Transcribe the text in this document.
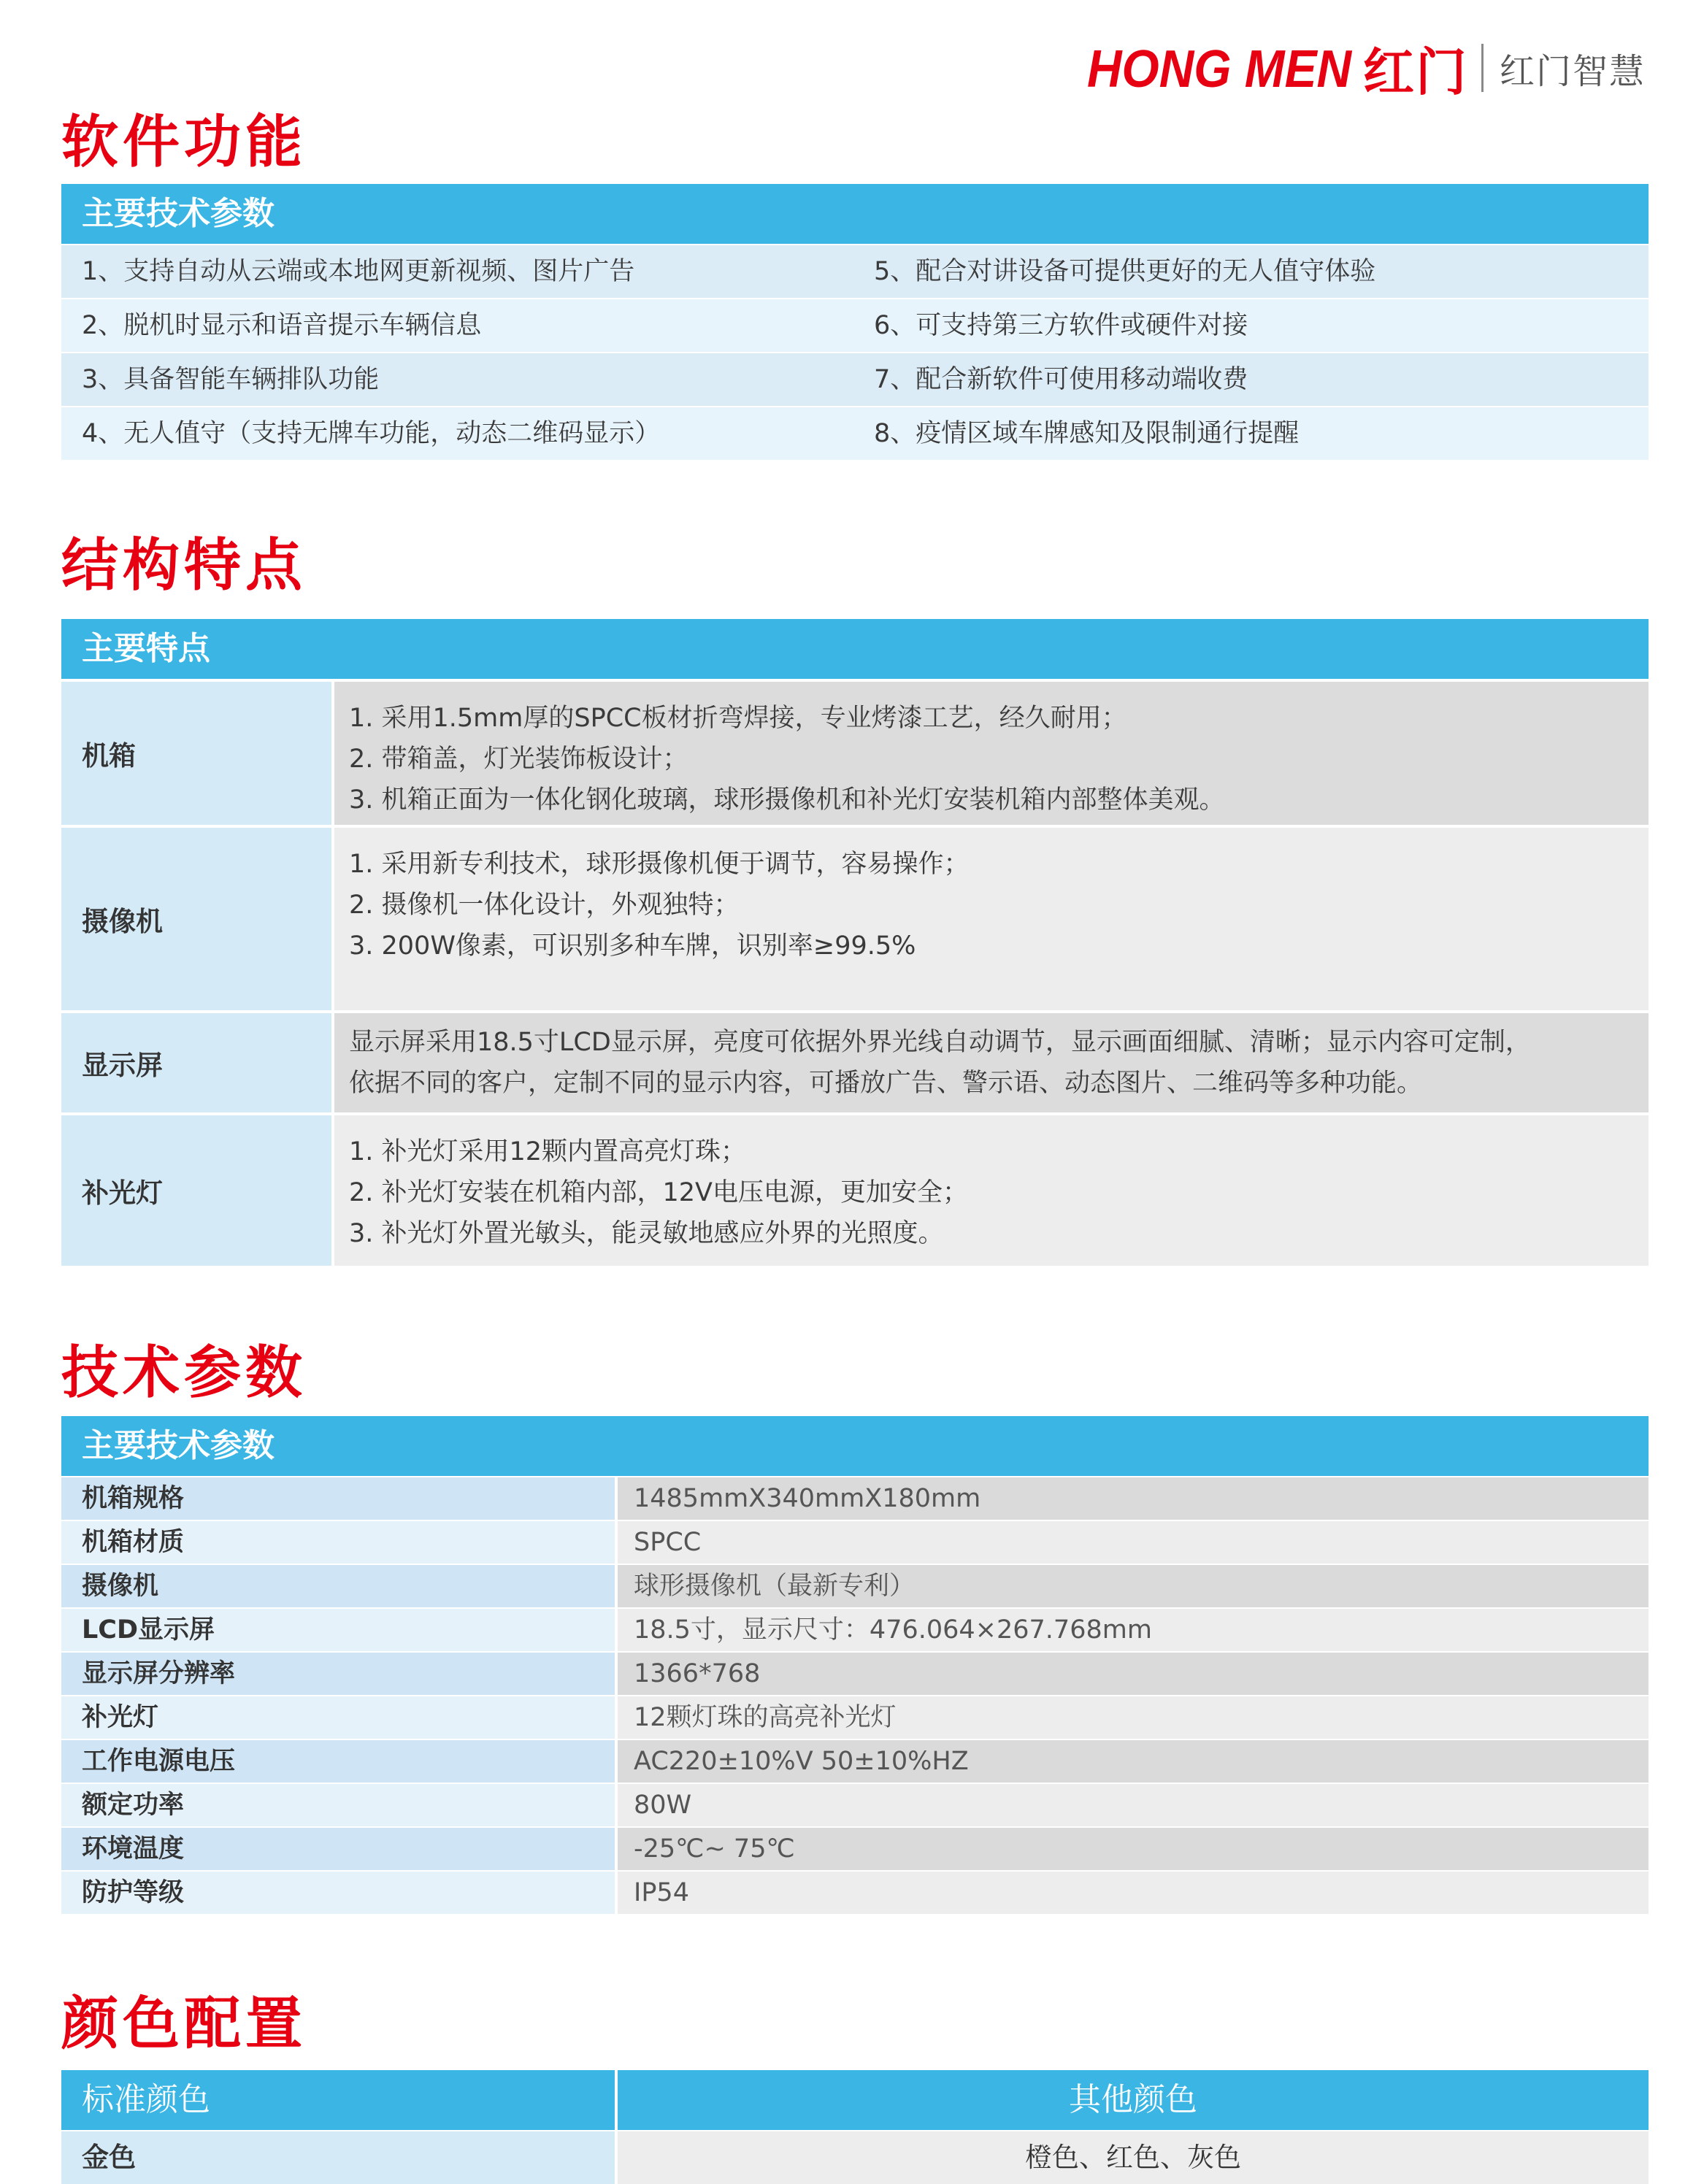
HONG MEN 红门 红门智慧
软件功能
主要技术参数
1、支持自动从云端或本地网更新视频、图片广告	5、配合对讲设备可提供更好的无人值守体验
2、脱机时显示和语音提示车辆信息	6、可支持第三方软件或硬件对接
3、具备智能车辆排队功能	7、配合新软件可使用移动端收费
4、无人值守（支持无牌车功能，动态二维码显示）	8、疫情区域车牌感知及限制通行提醒
结构特点
主要特点
机箱

1. 采用1.5mm厚的SPCC板材折弯焊接，专业烤漆工艺，经久耐用；

2. 带箱盖，灯光装饰板设计；

3. 机箱正面为一体化钢化玻璃，球形摄像机和补光灯安装机箱内部整体美观。

摄像机

1. 采用新专利技术，球形摄像机便于调节，容易操作；

2. 摄像机一体化设计，外观独特；

3. 200W像素，可识别多种车牌，识别率≥99.5%

显示屏

显示屏采用18.5寸LCD显示屏，亮度可依据外界光线自动调节，显示画面细腻、清晰；显示内容可定制，

依据不同的客户，定制不同的显示内容，可播放广告、警示语、动态图片、二维码等多种功能。

补光灯

1. 补光灯采用12颗内置高亮灯珠；

2. 补光灯安装在机箱内部，12V电压电源，更加安全；

3. 补光灯外置光敏头，能灵敏地感应外界的光照度。

技术参数
主要技术参数
机箱规格	1485mmX340mmX180mm
机箱材质	SPCC
摄像机	球形摄像机（最新专利）
LCD显示屏	18.5寸，显示尺寸：476.064×267.768mm
显示屏分辨率	1366*768
补光灯	12颗灯珠的高亮补光灯
工作电源电压	AC220±10%V 50±10%HZ
额定功率	80W
环境温度	-25℃~ 75℃
防护等级	IP54
颜色配置
标准颜色	其他颜色
金色	橙色、红色、灰色
